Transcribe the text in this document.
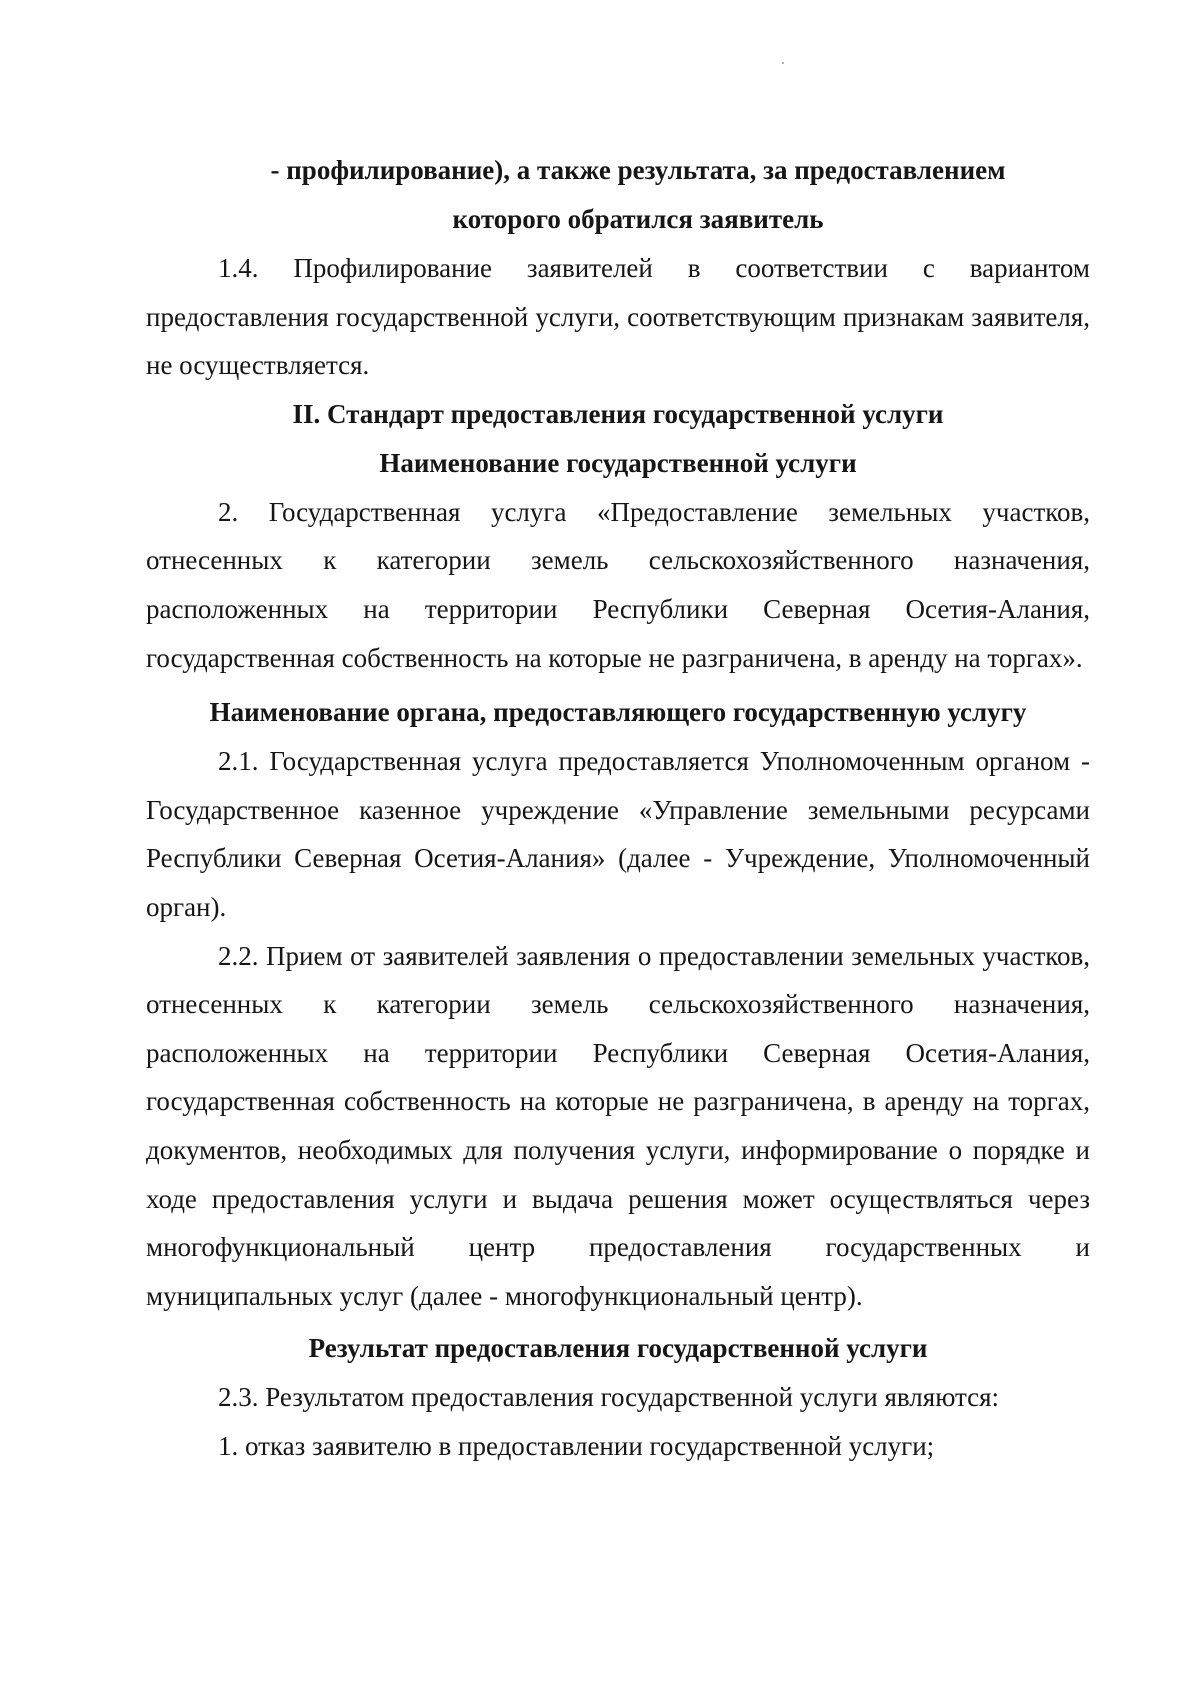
- профилирование), а также результата, за предоставлением

которого обратился заявитель

1.4. Профилирование заявителей в соответствии с вариантом предоставления государственной услуги, соответствующим признакам заявителя, не осуществляется.

II. Стандарт предоставления государственной услуги

Наименование государственной услуги

2. Государственная услуга «Предоставление земельных участков, отнесенных к категории земель сельскохозяйственного назначения, расположенных на территории Республики Северная Осетия-Алания, государственная собственность на которые не разграничена, в аренду на торгах».

Наименование органа, предоставляющего государственную услугу

2.1. Государственная услуга предоставляется Уполномоченным органом - Государственное казенное учреждение «Управление земельными ресурсами Республики Северная Осетия-Алания» (далее - Учреждение, Уполномоченный орган).

2.2. Прием от заявителей заявления о предоставлении земельных участков, отнесенных к категории земель сельскохозяйственного назначения, расположенных на территории Республики Северная Осетия-Алания, государственная собственность на которые не разграничена, в аренду на торгах, документов, необходимых для получения услуги, информирование о порядке и ходе предоставления услуги и выдача решения может осуществляться через многофункциональный центр предоставления государственных и муниципальных услуг (далее - многофункциональный центр).

Результат предоставления государственной услуги

2.3. Результатом предоставления государственной услуги являются:

1. отказ заявителю в предоставлении государственной услуги;
